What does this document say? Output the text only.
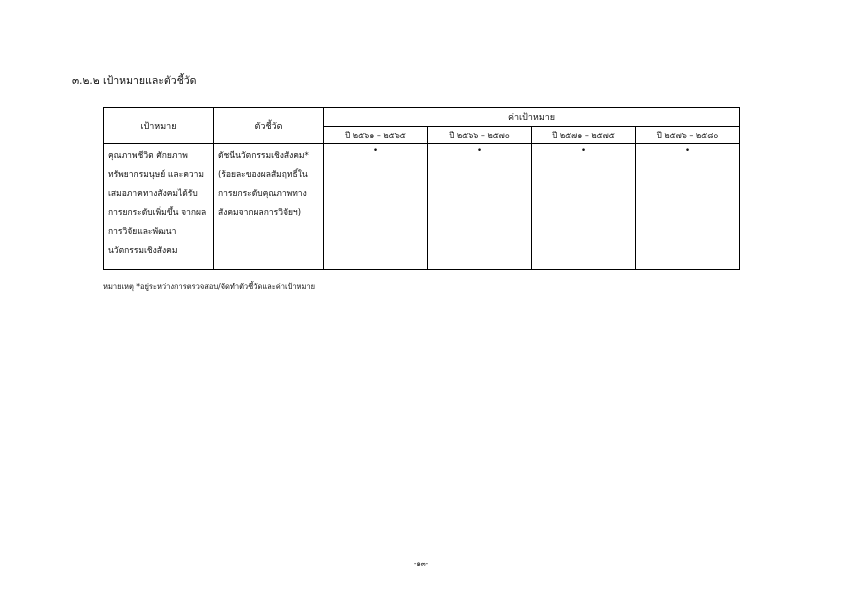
๓.๒.๒ เป้าหมายและตัวชี้วัด
เป้าหมาย	ตัวชี้วัด	ค่าเป้าหมาย			
		ปี ๒๕๖๑ – ๒๕๖๕	ปี ๒๕๖๖ – ๒๕๗๐	ปี ๒๕๗๑ – ๒๕๗๕	ปี ๒๕๗๖ – ๒๕๘๐
คุณภาพชีวิต ศักยภาพทรัพยากรมนุษย์ และความเสมอภาคทางสังคมได้รับการยกระดับเพิ่มขึ้น จากผลการวิจัยและพัฒนานวัตกรรมเชิงสังคม	ดัชนีนวัตกรรมเชิงสังคม* (ร้อยละของผลสัมฤทธิ์ในการยกระดับคุณภาพทางสังคมจากผลการวิจัยฯ)	•	•	•	•
หมายเหตุ *อยู่ระหว่างการตรวจสอบ/จัดทำตัวชี้วัดและค่าเป้าหมาย
-๑๓-
